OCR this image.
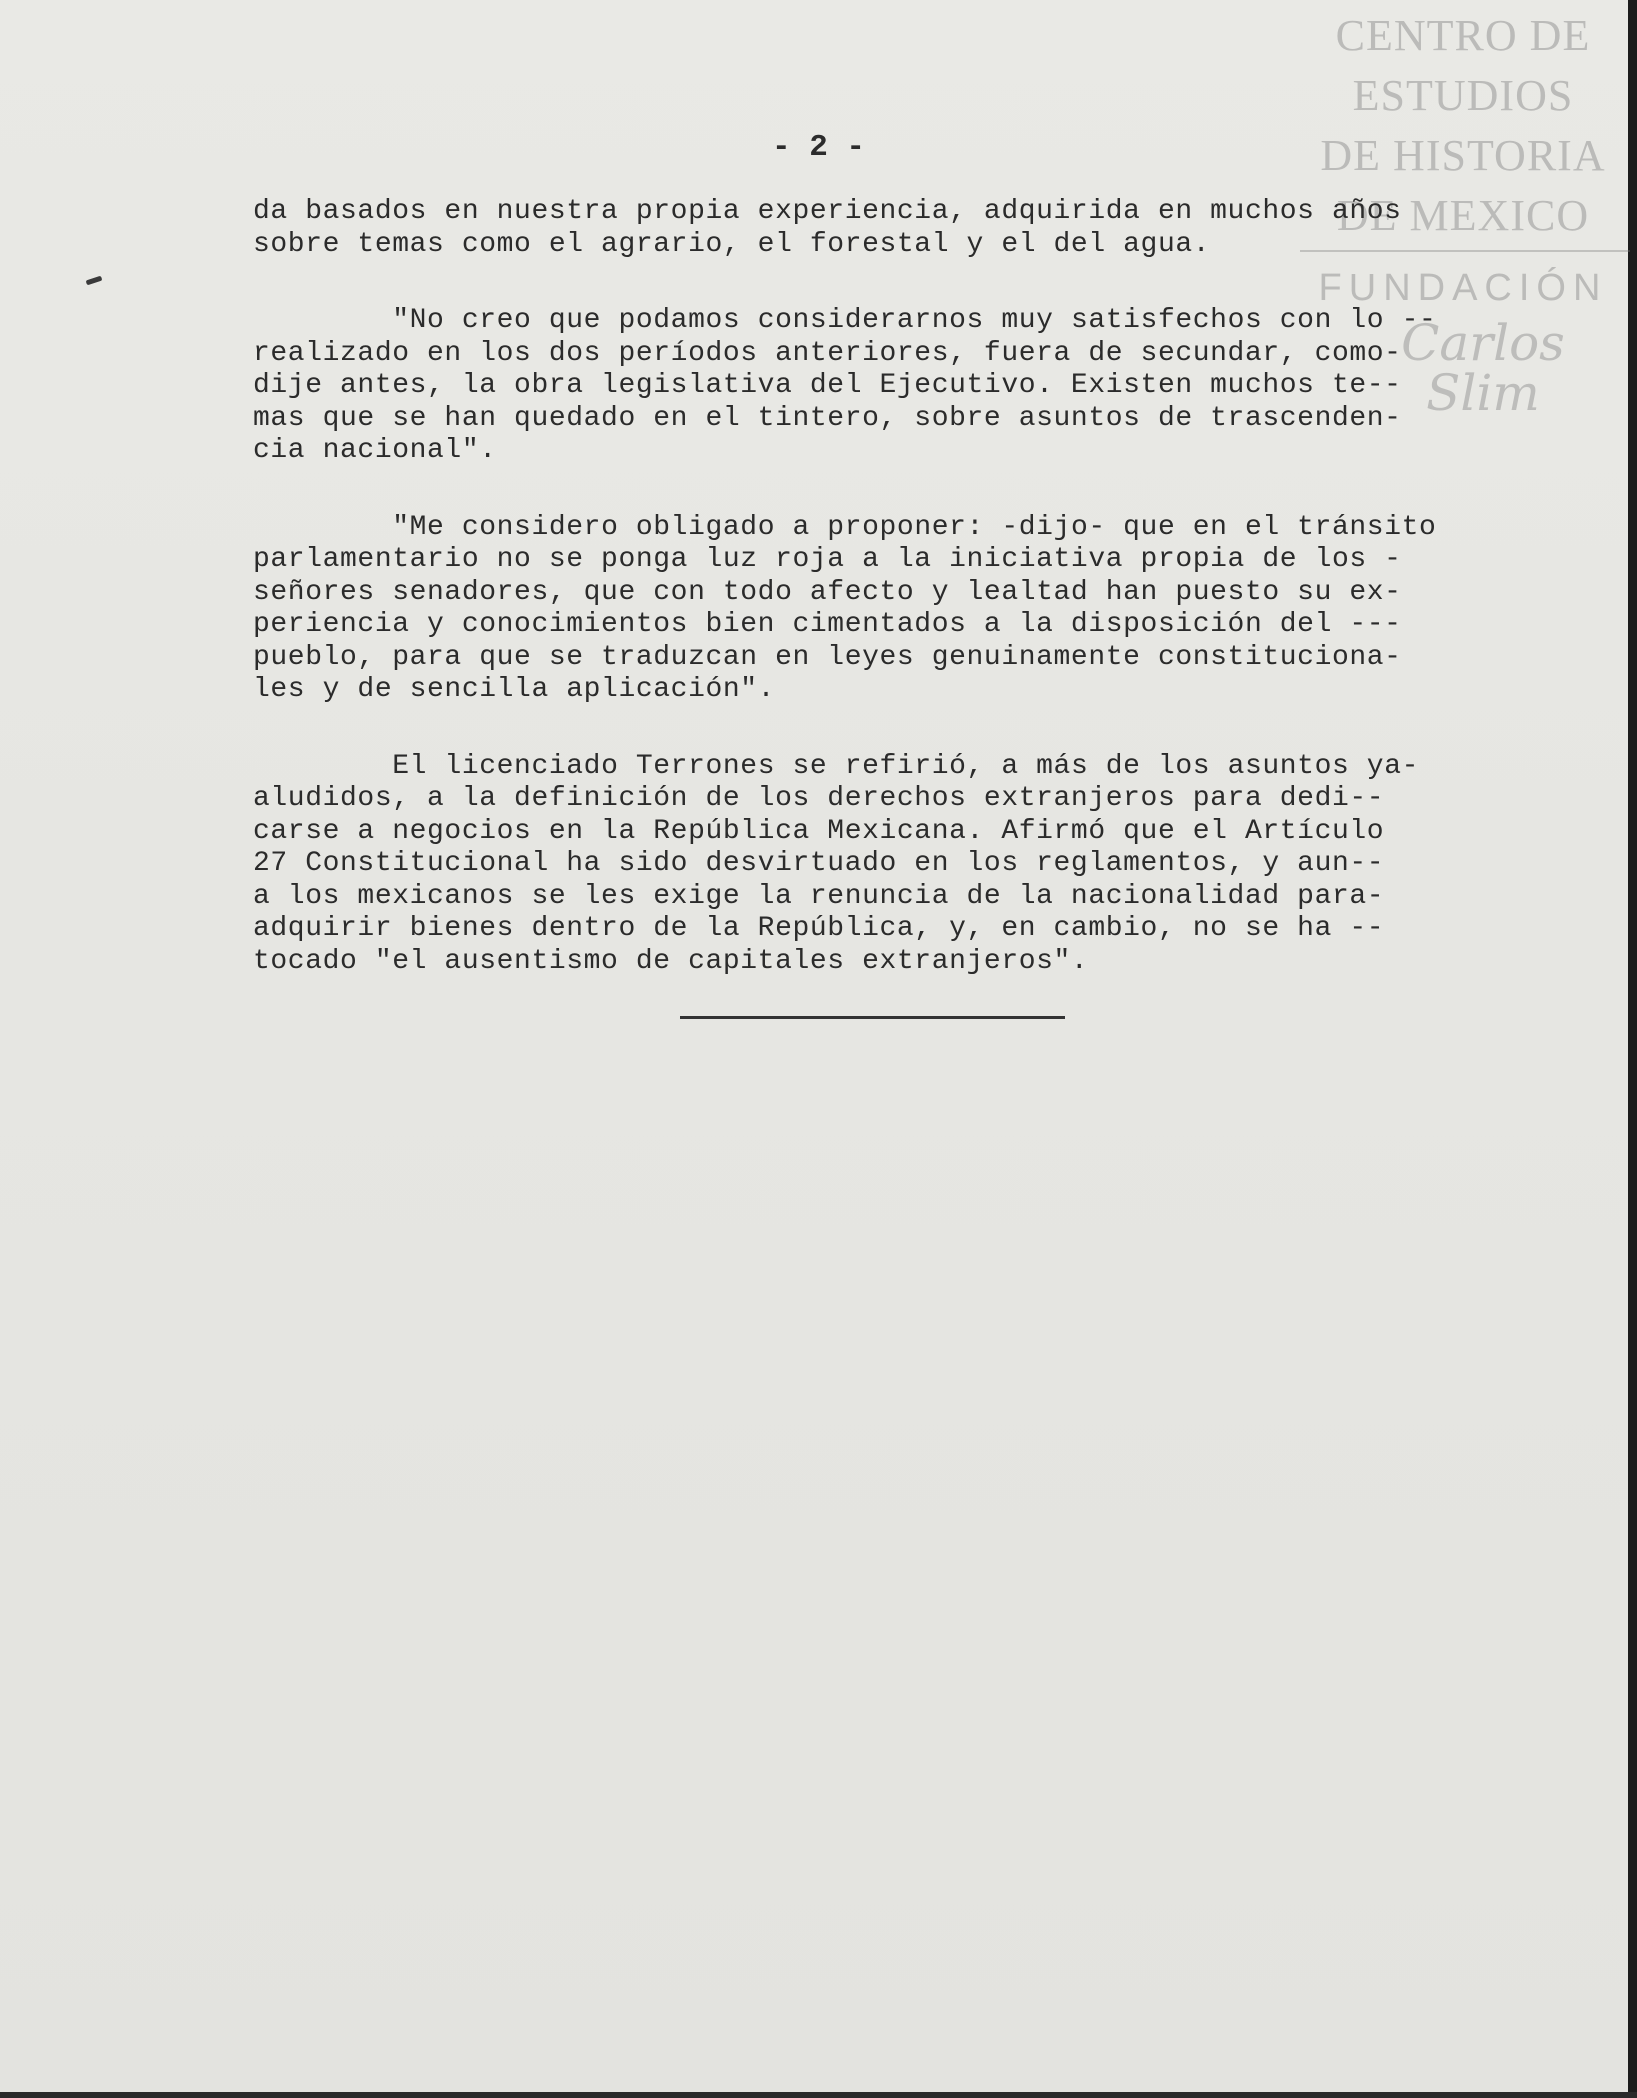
CENTRO DE
ESTUDIOS
DE HISTORIA
DE MEXICO
FUNDACIÓN
Carlos Slim
- 2 -

da basados en nuestra propia experiencia, adquirida en muchos años
sobre temas como el agrario, el forestal y el del agua.

"No creo que podamos considerarnos muy satisfechos con lo --
realizado en los dos períodos anteriores, fuera de secundar, como-
dije antes, la obra legislativa del Ejecutivo. Existen muchos te--
mas que se han quedado en el tintero, sobre asuntos de trascenden-
cia nacional".

"Me considero obligado a proponer: -dijo- que en el tránsito
parlamentario no se ponga luz roja a la iniciativa propia de los -
señores senadores, que con todo afecto y lealtad han puesto su ex-
periencia y conocimientos bien cimentados a la disposición del ---
pueblo, para que se traduzcan en leyes genuinamente constituciona-
les y de sencilla aplicación".

El licenciado Terrones se refirió, a más de los asuntos ya-
aludidos, a la definición de los derechos extranjeros para dedi--
carse a negocios en la República Mexicana. Afirmó que el Artículo
27 Constitucional ha sido desvirtuado en los reglamentos, y aun--
a los mexicanos se les exige la renuncia de la nacionalidad para-
adquirir bienes dentro de la República, y, en cambio, no se ha --
tocado "el ausentismo de capitales extranjeros".
